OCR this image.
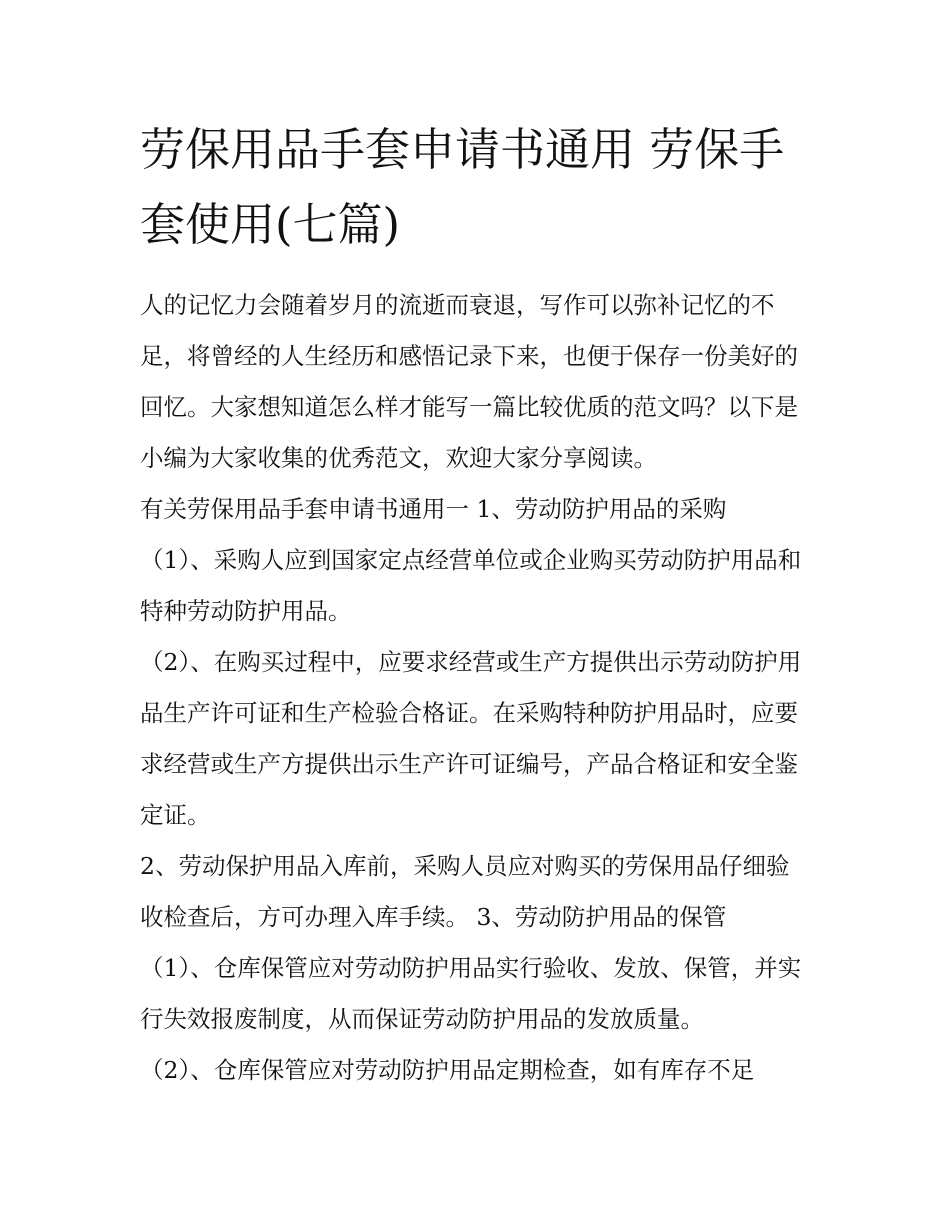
劳保用品手套申请书通用 劳保手套使用(七篇)

人的记忆力会随着岁月的流逝而衰退，写作可以弥补记忆的不足，将曾经的人生经历和感悟记录下来，也便于保存一份美好的回忆。大家想知道怎么样才能写一篇比较优质的范文吗？以下是小编为大家收集的优秀范文，欢迎大家分享阅读。

有关劳保用品手套申请书通用一 1、劳动防护用品的采购

（1）、采购人应到国家定点经营单位或企业购买劳动防护用品和特种劳动防护用品。

（2）、在购买过程中，应要求经营或生产方提供出示劳动防护用品生产许可证和生产检验合格证。在采购特种防护用品时，应要求经营或生产方提供出示生产许可证编号，产品合格证和安全鉴定证。

2、劳动保护用品入库前，采购人员应对购买的劳保用品仔细验收检查后，方可办理入库手续。 3、劳动防护用品的保管

（1）、仓库保管应对劳动防护用品实行验收、发放、保管，并实行失效报废制度，从而保证劳动防护用品的发放质量。

（2）、仓库保管应对劳动防护用品定期检查，如有库存不足
